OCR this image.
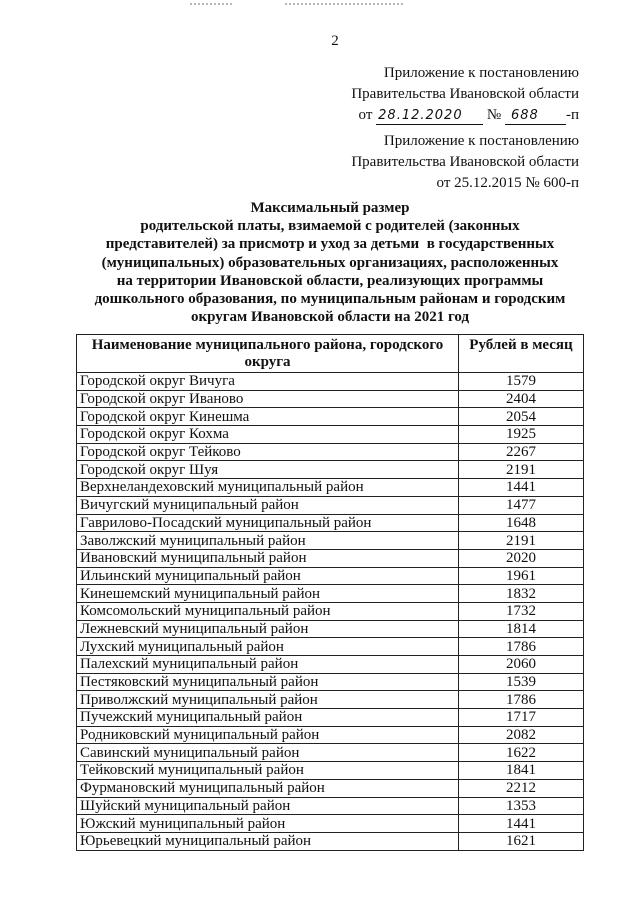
2
Приложение к постановлению
Правительства Ивановской области
от 28.12.2020 № 688 -п
Приложение к постановлению
Правительства Ивановской области
от 25.12.2015 № 600-п
Максимальный размер
родительской платы, взимаемой с родителей (законных
представителей) за присмотр и уход за детьми  в государственных
(муниципальных) образовательных организациях, расположенных
на территории Ивановской области, реализующих программы
дошкольного образования, по муниципальным районам и городским
округам Ивановской области на 2021 год
Наименование муниципального района, городского округа	Рублей в месяц
Городской округ Вичуга	1579
Городской округ Иваново	2404
Городской округ Кинешма	2054
Городской округ Кохма	1925
Городской округ Тейково	2267
Городской округ Шуя	2191
Верхнеландеховский муниципальный район	1441
Вичугский муниципальный район	1477
Гаврилово-Посадский муниципальный район	1648
Заволжский муниципальный район	2191
Ивановский муниципальный район	2020
Ильинский муниципальный район	1961
Кинешемский муниципальный район	1832
Комсомольский муниципальный район	1732
Лежневский муниципальный район	1814
Лухский муниципальный район	1786
Палехский муниципальный район	2060
Пестяковский муниципальный район	1539
Приволжский муниципальный район	1786
Пучежский муниципальный район	1717
Родниковский муниципальный район	2082
Савинский муниципальный район	1622
Тейковский муниципальный район	1841
Фурмановский муниципальный район	2212
Шуйский муниципальный район	1353
Южский муниципальный район	1441
Юрьевецкий муниципальный район	1621
